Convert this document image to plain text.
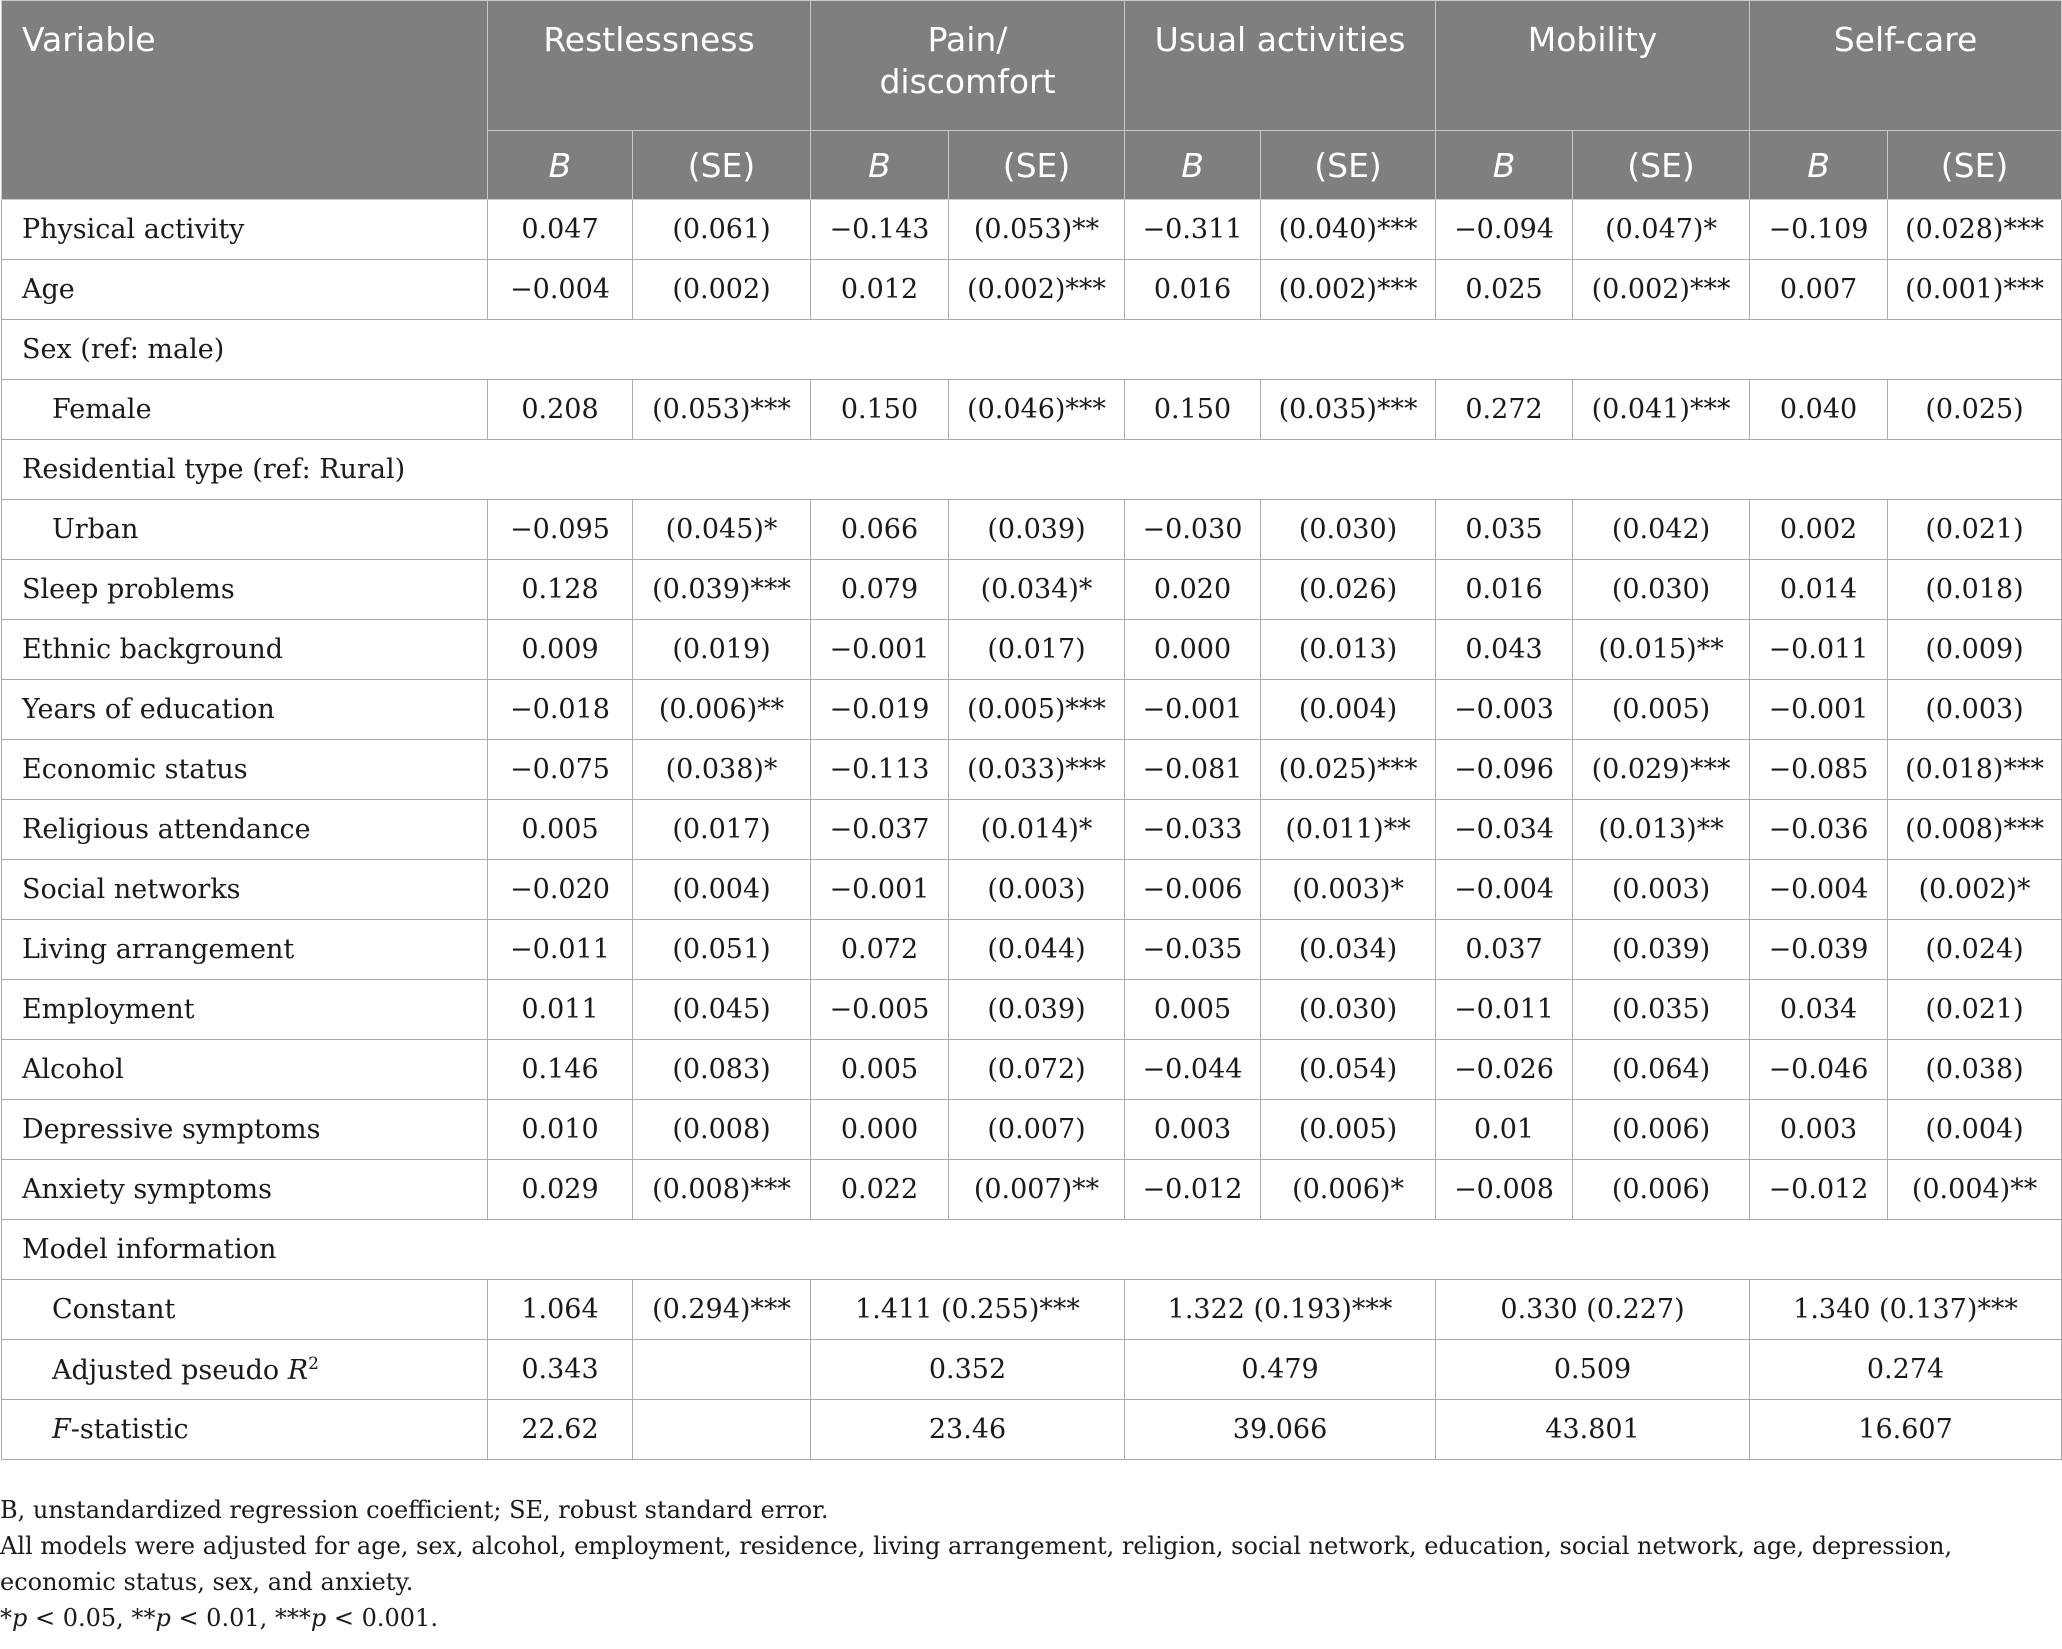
Variable	Restlessness		Pain/
discomfort		Usual activities		Mobility		Self-care	
	B	(SE)	B	(SE)	B	(SE)	B	(SE)	B	(SE)
Physical activity	0.047	(0.061)	−0.143	(0.053)**	−0.311	(0.040)***	−0.094	(0.047)*	−0.109	(0.028)***
Age	−0.004	(0.002)	0.012	(0.002)***	0.016	(0.002)***	0.025	(0.002)***	0.007	(0.001)***
Sex (ref: male)										
Female	0.208	(0.053)***	0.150	(0.046)***	0.150	(0.035)***	0.272	(0.041)***	0.040	(0.025)
Residential type (ref: Rural)										
Urban	−0.095	(0.045)*	0.066	(0.039)	−0.030	(0.030)	0.035	(0.042)	0.002	(0.021)
Sleep problems	0.128	(0.039)***	0.079	(0.034)*	0.020	(0.026)	0.016	(0.030)	0.014	(0.018)
Ethnic background	0.009	(0.019)	−0.001	(0.017)	0.000	(0.013)	0.043	(0.015)**	−0.011	(0.009)
Years of education	−0.018	(0.006)**	−0.019	(0.005)***	−0.001	(0.004)	−0.003	(0.005)	−0.001	(0.003)
Economic status	−0.075	(0.038)*	−0.113	(0.033)***	−0.081	(0.025)***	−0.096	(0.029)***	−0.085	(0.018)***
Religious attendance	0.005	(0.017)	−0.037	(0.014)*	−0.033	(0.011)**	−0.034	(0.013)**	−0.036	(0.008)***
Social networks	−0.020	(0.004)	−0.001	(0.003)	−0.006	(0.003)*	−0.004	(0.003)	−0.004	(0.002)*
Living arrangement	−0.011	(0.051)	0.072	(0.044)	−0.035	(0.034)	0.037	(0.039)	−0.039	(0.024)
Employment	0.011	(0.045)	−0.005	(0.039)	0.005	(0.030)	−0.011	(0.035)	0.034	(0.021)
Alcohol	0.146	(0.083)	0.005	(0.072)	−0.044	(0.054)	−0.026	(0.064)	−0.046	(0.038)
Depressive symptoms	0.010	(0.008)	0.000	(0.007)	0.003	(0.005)	0.01	(0.006)	0.003	(0.004)
Anxiety symptoms	0.029	(0.008)***	0.022	(0.007)**	−0.012	(0.006)*	−0.008	(0.006)	−0.012	(0.004)**
Model information										
Constant	1.064	(0.294)***	1.411 (0.255)***		1.322 (0.193)***		0.330 (0.227)		1.340 (0.137)***	
Adjusted pseudo $R^2$	0.343		0.352		0.479		0.509		0.274	
F-statistic	22.62		23.46		39.066		43.801		16.607	

B, unstandardized regression coefficient; SE, robust standard error.

All models were adjusted for age, sex, alcohol, employment, residence, living arrangement, religion, social network, education, social network, age, depression, economic status, sex, and anxiety.

*p < 0.05, **p < 0.01, ***p < 0.001.
